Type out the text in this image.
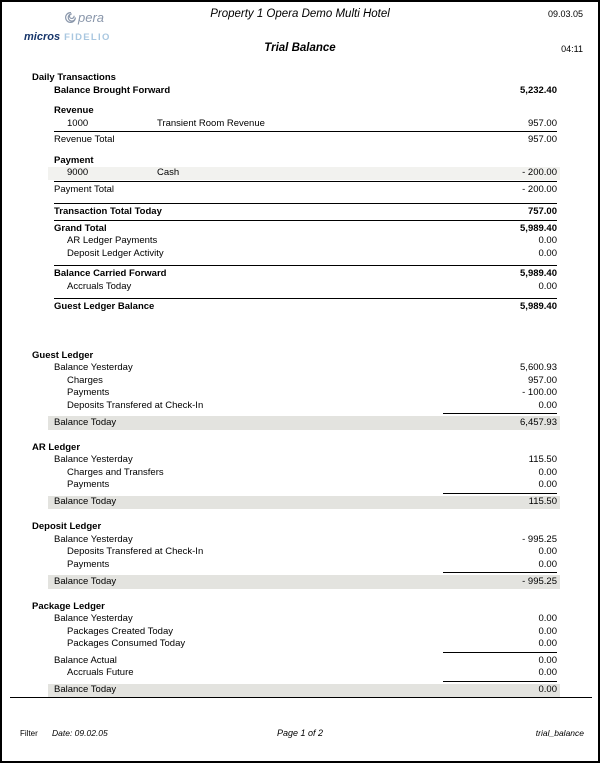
pera
micros FIDELIO
Property 1 Opera Demo Multi Hotel	09.03.05
Trial Balance	04:11
Daily Transactions
Balance Brought Forward	5,232.40
Revenue
1000	Transient Room Revenue	957.00
Revenue Total	957.00
Payment
9000	Cash	- 200.00
Payment Total	- 200.00
Transaction Total Today	757.00
Grand Total	5,989.40
AR Ledger Payments	0.00
Deposit Ledger Activity	0.00
Balance Carried Forward	5,989.40
Accruals Today	0.00
Guest Ledger Balance	5,989.40
Guest Ledger
Balance Yesterday	5,600.93
Charges	957.00
Payments	- 100.00
Deposits Transfered at Check-In	0.00
Balance Today	6,457.93
AR Ledger
Balance Yesterday	115.50
Charges and Transfers	0.00
Payments	0.00
Balance Today	115.50
Deposit Ledger
Balance Yesterday	- 995.25
Deposits Transfered at Check-In	0.00
Payments	0.00
Balance Today	- 995.25
Package Ledger
Balance Yesterday	0.00
Packages Created Today	0.00
Packages Consumed Today	0.00
Balance Actual	0.00
Accruals Future	0.00
Balance Today	0.00
Filter Date: 09.02.05	Page 1 of 2	trial_balance
